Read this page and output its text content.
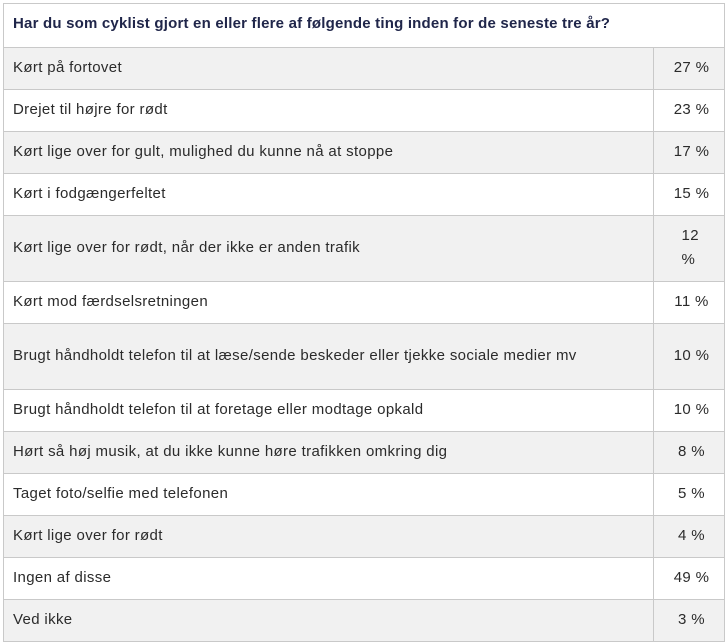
Har du som cyklist gjort en eller flere af følgende ting inden for de seneste tre år?	
Kørt på fortovet	27 %
Drejet til højre for rødt	23 %
Kørt lige over for gult, mulighed du kunne nå at stoppe	17 %
Kørt i fodgængerfeltet	15 %
Kørt lige over for rødt, når der ikke er anden trafik	12 %
Kørt mod færdselsretningen	11 %
Brugt håndholdt telefon til at læse/sende beskeder eller tjekke sociale medier mv	10 %
Brugt håndholdt telefon til at foretage eller modtage opkald	10 %
Hørt så høj musik, at du ikke kunne høre trafikken omkring dig	8 %
Taget foto/selfie med telefonen	5 %
Kørt lige over for rødt	4 %
Ingen af disse	49 %
Ved ikke	3 %
